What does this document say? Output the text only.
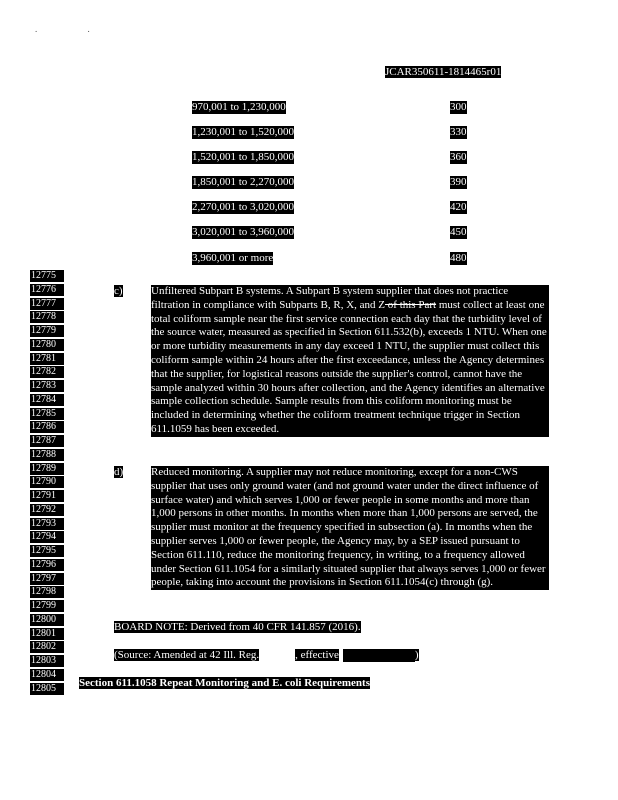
. .
JCAR350611-1814465r01
970,001 to 1,230,000	300
1,230,001 to 1,520,000	330
1,520,001 to 1,850,000	360
1,850,001 to 2,270,000	390
2,270,001 to 3,020,000	420
3,020,001 to 3,960,000	450
3,960,001 or more	480
12775
12776
12777
12778
12779
12780
12781
12782
12783
12784
12785
12786
12787
12788
12789
12790
12791
12792
12793
12794
12795
12796
12797
12798
12799
12800
12801
12802
12803
12804
12805
c)	Unfiltered Subpart B systems. A Subpart B system supplier that does not practice filtration in compliance with Subparts B, R, X, and Z of this Part must collect at least one total coliform sample near the first service connection each day that the turbidity level of the source water, measured as specified in Section 611.532(b), exceeds 1 NTU. When one or more turbidity measurements in any day exceed 1 NTU, the supplier must collect this coliform sample within 24 hours after the first exceedance, unless the Agency determines that the supplier, for logistical reasons outside the supplier's control, cannot have the sample analyzed within 30 hours after collection, and the Agency identifies an alternative sample collection schedule. Sample results from this coliform monitoring must be included in determining whether the coliform treatment technique trigger in Section 611.1059 has been exceeded.
d)	Reduced monitoring. A supplier may not reduce monitoring, except for a non-CWS supplier that uses only ground water (and not ground water under the direct influence of surface water) and which serves 1,000 or fewer people in some months and more than 1,000 persons in other months. In months when more than 1,000 persons are served, the supplier must monitor at the frequency specified in subsection (a). In months when the supplier serves 1,000 or fewer people, the Agency may, by a SEP issued pursuant to Section 611.110, reduce the monitoring frequency, in writing, to a frequency allowed under Section 611.1054 for a similarly situated supplier that always serves 1,000 or fewer people, taking into account the provisions in Section 611.1054(c) through (g).
BOARD NOTE: Derived from 40 CFR 141.857 (2016).
(Source: Amended at 42 Ill. Reg.	, effective	)
Section 611.1058 Repeat Monitoring and E. coli Requirements
